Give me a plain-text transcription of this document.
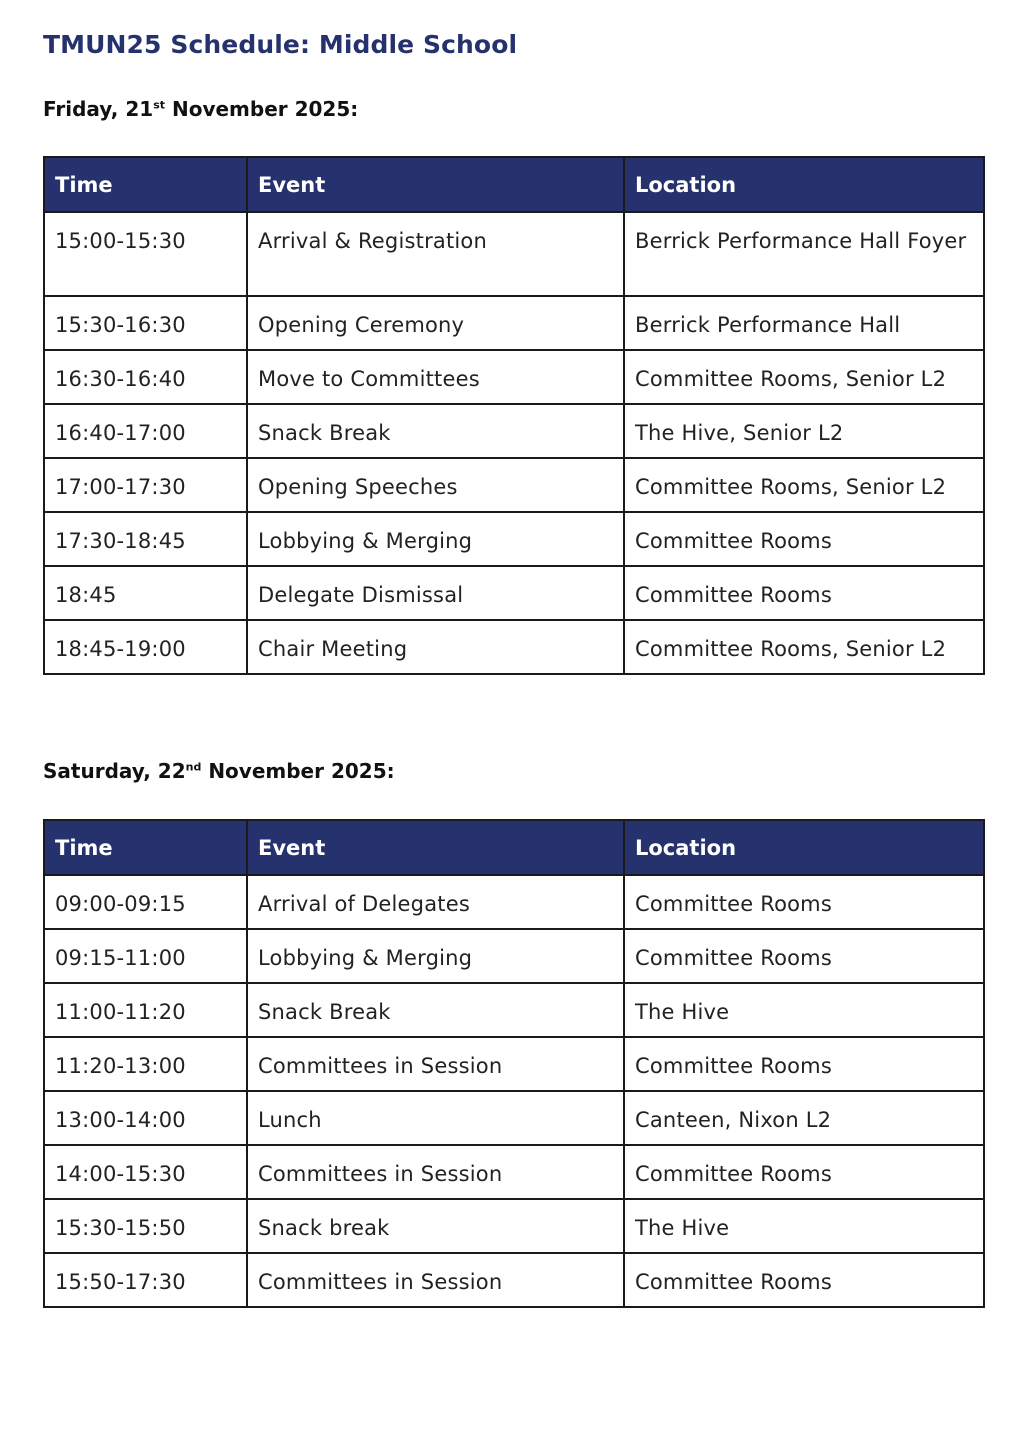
TMUN25 Schedule: Middle School
Friday, 21st November 2025:
Time	Event	Location
15:00-15:30	Arrival & Registration	Berrick Performance Hall Foyer
15:30-16:30	Opening Ceremony	Berrick Performance Hall
16:30-16:40	Move to Committees	Committee Rooms, Senior L2
16:40-17:00	Snack Break	The Hive, Senior L2
17:00-17:30	Opening Speeches	Committee Rooms, Senior L2
17:30-18:45	Lobbying & Merging	Committee Rooms
18:45	Delegate Dismissal	Committee Rooms
18:45-19:00	Chair Meeting	Committee Rooms, Senior L2
Saturday, 22nd November 2025:
Time	Event	Location
09:00-09:15	Arrival of Delegates	Committee Rooms
09:15-11:00	Lobbying & Merging	Committee Rooms
11:00-11:20	Snack Break	The Hive
11:20-13:00	Committees in Session	Committee Rooms
13:00-14:00	Lunch	Canteen, Nixon L2
14:00-15:30	Committees in Session	Committee Rooms
15:30-15:50	Snack break	The Hive
15:50-17:30	Committees in Session	Committee Rooms
